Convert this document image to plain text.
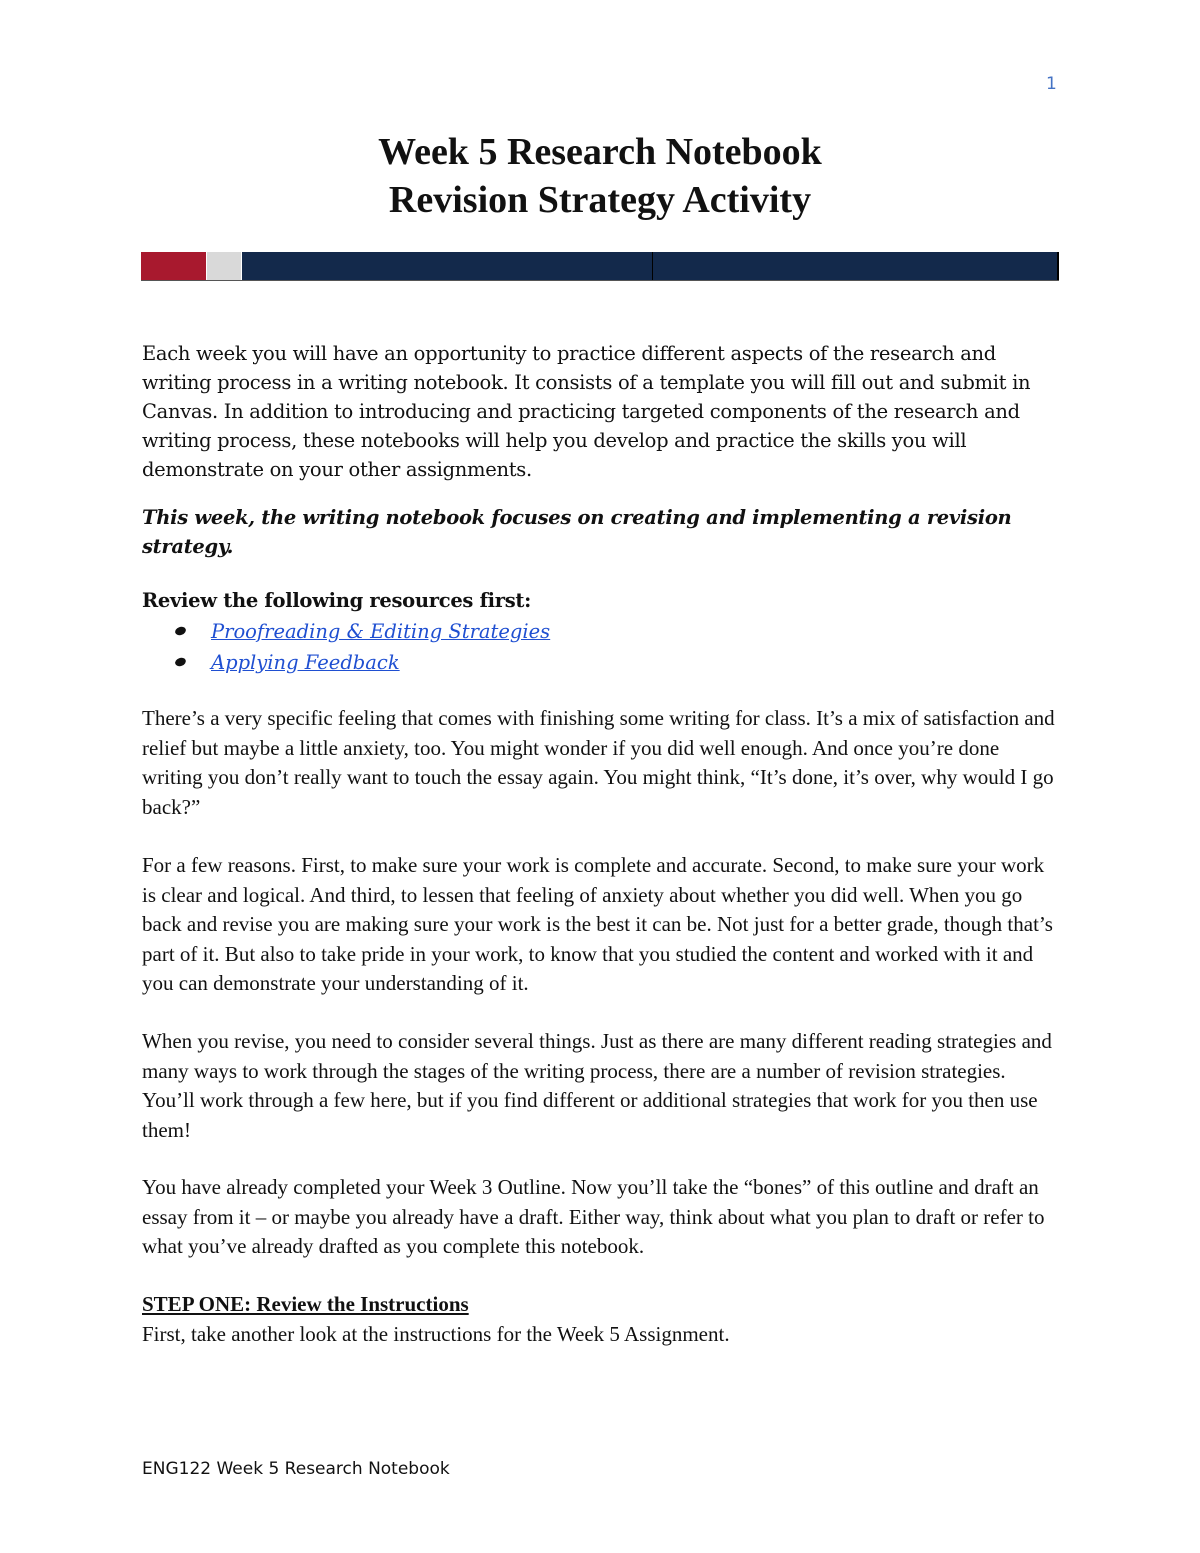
1
Week 5 Research Notebook
Revision Strategy Activity
Each week you will have an opportunity to practice different aspects of the research and writing process in a writing notebook. It consists of a template you will fill out and submit in Canvas. In addition to introducing and practicing targeted components of the research and writing process, these notebooks will help you develop and practice the skills you will demonstrate on your other assignments.
This week, the writing notebook focuses on creating and implementing a revision strategy.
Review the following resources first:
Proofreading & Editing Strategies
Applying Feedback
There’s a very specific feeling that comes with finishing some writing for class. It’s a mix of satisfaction and relief but maybe a little anxiety, too. You might wonder if you did well enough. And once you’re done writing you don’t really want to touch the essay again. You might think, “It’s done, it’s over, why would I go back?”
For a few reasons. First, to make sure your work is complete and accurate. Second, to make sure your work is clear and logical. And third, to lessen that feeling of anxiety about whether you did well. When you go back and revise you are making sure your work is the best it can be. Not just for a better grade, though that’s part of it. But also to take pride in your work, to know that you studied the content and worked with it and you can demonstrate your understanding of it.
When you revise, you need to consider several things. Just as there are many different reading strategies and many ways to work through the stages of the writing process, there are a number of revision strategies. You’ll work through a few here, but if you find different or additional strategies that work for you then use them!
You have already completed your Week 3 Outline. Now you’ll take the “bones” of this outline and draft an essay from it – or maybe you already have a draft. Either way, think about what you plan to draft or refer to what you’ve already drafted as you complete this notebook.
STEP ONE: Review the Instructions
First, take another look at the instructions for the Week 5 Assignment.
ENG122 Week 5 Research Notebook
